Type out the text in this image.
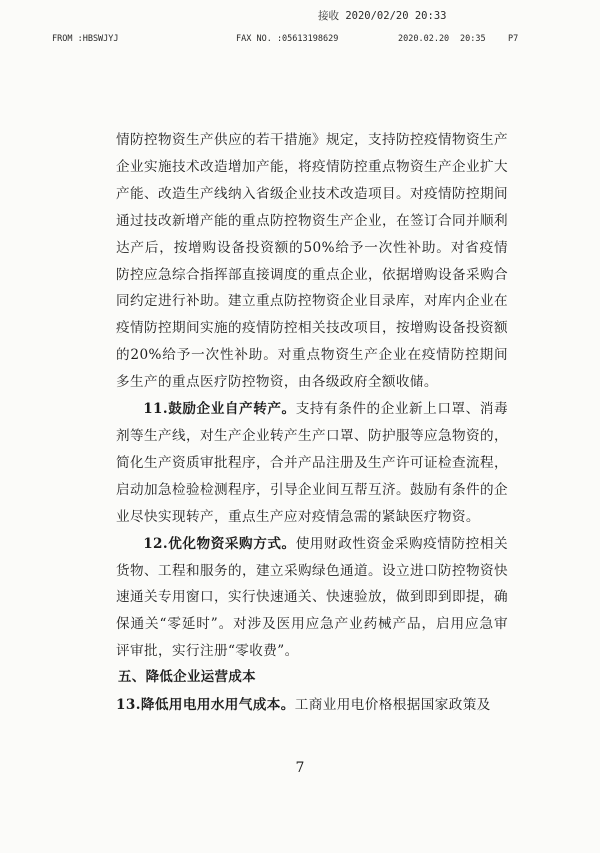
接收 2020/02/20 20:33
FROM :HBSWJYJ	FAX NO. :05613198629	2020.02.20 20:35	P7

情防控物资生产供应的若干措施》规定，支持防控疫情物资生产企业实施技术改造增加产能，将疫情防控重点物资生产企业扩大产能、改造生产线纳入省级企业技术改造项目。对疫情防控期间通过技改新增产能的重点防控物资生产企业，在签订合同并顺利达产后，按增购设备投资额的50%给予一次性补助。对省疫情防控应急综合指挥部直接调度的重点企业，依据增购设备采购合同约定进行补助。建立重点防控物资企业目录库，对库内企业在疫情防控期间实施的疫情防控相关技改项目，按增购设备投资额的20%给予一次性补助。对重点物资生产企业在疫情防控期间多生产的重点医疗防控物资，由各级政府全额收储。

11.鼓励企业自产转产。支持有条件的企业新上口罩、消毒剂等生产线，对生产企业转产生产口罩、防护服等应急物资的，简化生产资质审批程序，合并产品注册及生产许可证检查流程，启动加急检验检测程序，引导企业间互帮互济。鼓励有条件的企业尽快实现转产，重点生产应对疫情急需的紧缺医疗物资。

12.优化物资采购方式。使用财政性资金采购疫情防控相关货物、工程和服务的，建立采购绿色通道。设立进口防控物资快速通关专用窗口，实行快速通关、快速验放，做到即到即提，确保通关“零延时”。对涉及医用应急产业药械产品，启用应急审评审批，实行注册“零收费”。

五、降低企业运营成本

13.降低用电用水用气成本。工商业用电价格根据国家政策及

7
